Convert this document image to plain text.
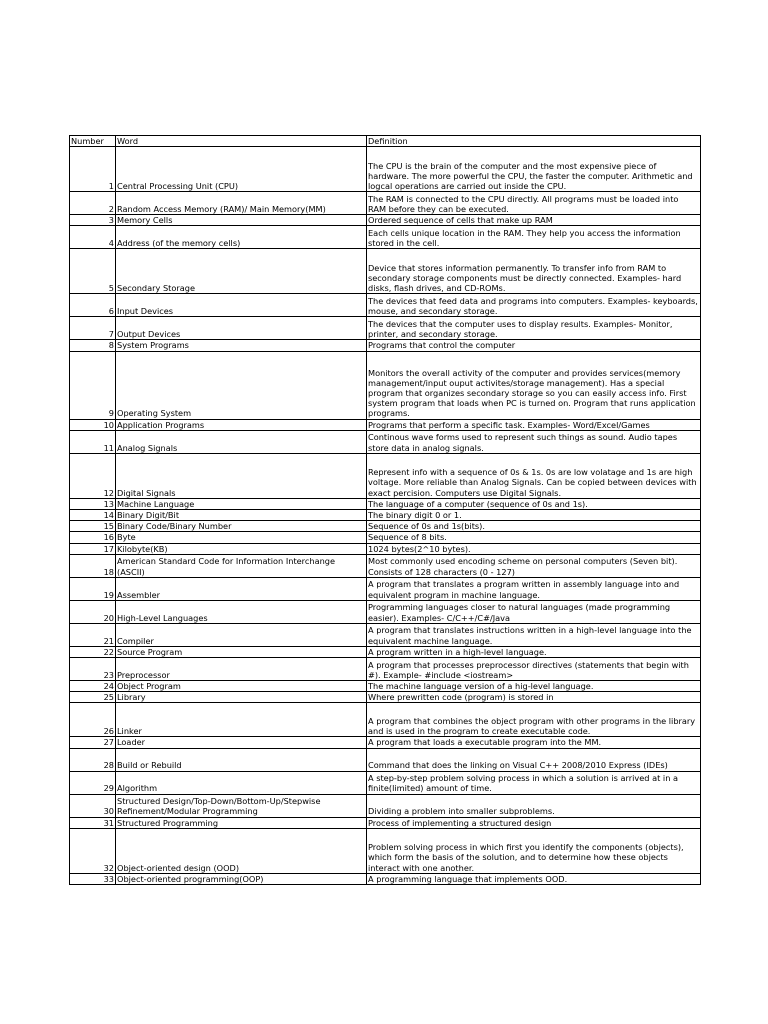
Number	Word	Definition
1	Central Processing Unit (CPU)	The CPU is the brain of the computer and the most expensive piece of hardware. The more powerful the CPU, the faster the computer. Arithmetic and logcal operations are carried out inside the CPU.
2	Random Access Memory (RAM)/ Main Memory(MM)	The RAM is connected to the CPU directly. All programs must be loaded into RAM before they can be executed.
3	Memory Cells	Ordered sequence of cells that make up RAM
4	Address (of the memory cells)	Each cells unique location in the RAM. They help you access the information stored in the cell.
5	Secondary Storage	Device that stores information permanently. To transfer info from RAM to secondary storage components must be directly connected. Examples- hard disks, flash drives, and CD-ROMs.
6	Input Devices	The devices that feed data and programs into computers. Examples- keyboards, mouse, and secondary storage.
7	Output Devices	The devices that the computer uses to display results. Examples- Monitor, printer, and secondary storage.
8	System Programs	Programs that control the computer
9	Operating System	Monitors the overall activity of the computer and provides services(memory management/input ouput activites/storage management). Has a special program that organizes secondary storage so you can easily access info. First system program that loads when PC is turned on. Program that runs application programs.
10	Application Programs	Programs that perform a specific task. Examples- Word/Excel/Games
11	Analog Signals	Continous wave forms used to represent such things as sound. Audio tapes store data in analog signals.
12	Digital Signals	Represent info with a sequence of 0s & 1s. 0s are low volatage and 1s are high voltage. More reliable than Analog Signals. Can be copied between devices with exact percision. Computers use Digital Signals.
13	Machine Language	The language of a computer (sequence of 0s and 1s).
14	Binary Digit/Bit	The binary digit 0 or 1.
15	Binary Code/Binary Number	Sequence of 0s and 1s(bits).
16	Byte	Sequence of 8 bits.
17	Kilobyte(KB)	1024 bytes(2^10 bytes).
18	American Standard Code for Information Interchange (ASCII)	Most commonly used encoding scheme on personal computers (Seven bit). Consists of 128 characters (0 - 127)
19	Assembler	A program that translates a program written in assembly language into and equivalent program in machine language.
20	High-Level Languages	Programming languages closer to natural languages (made programming easier). Examples- C/C++/C#/Java
21	Compiler	A program that translates instructions written in a high-level language into the equivalent machine language.
22	Source Program	A program written in a high-level language.
23	Preprocessor	A program that processes preprocessor directives (statements that begin with #). Example- #include <iostream>
24	Object Program	The machine language version of a hig-level language.
25	Library	Where prewritten code (program) is stored in
26	Linker	A program that combines the object program with other programs in the library and is used in the program to create executable code.
27	Loader	A program that loads a executable program into the MM.
28	Build or Rebuild	Command that does the linking on Visual C++ 2008/2010 Express (IDEs)
29	Algorithm	A step-by-step problem solving process in which a solution is arrived at in a finite(limited) amount of time.
30	Structured Design/Top-Down/Bottom-Up/Stepwise Refinement/Modular Programming	Dividing a problem into smaller subproblems.
31	Structured Programming	Process of implementing a structured design
32	Object-oriented design (OOD)	Problem solving process in which first you identify the components (objects), which form the basis of the solution, and to determine how these objects interact with one another.
33	Object-oriented programming(OOP)	A programming language that implements OOD.
